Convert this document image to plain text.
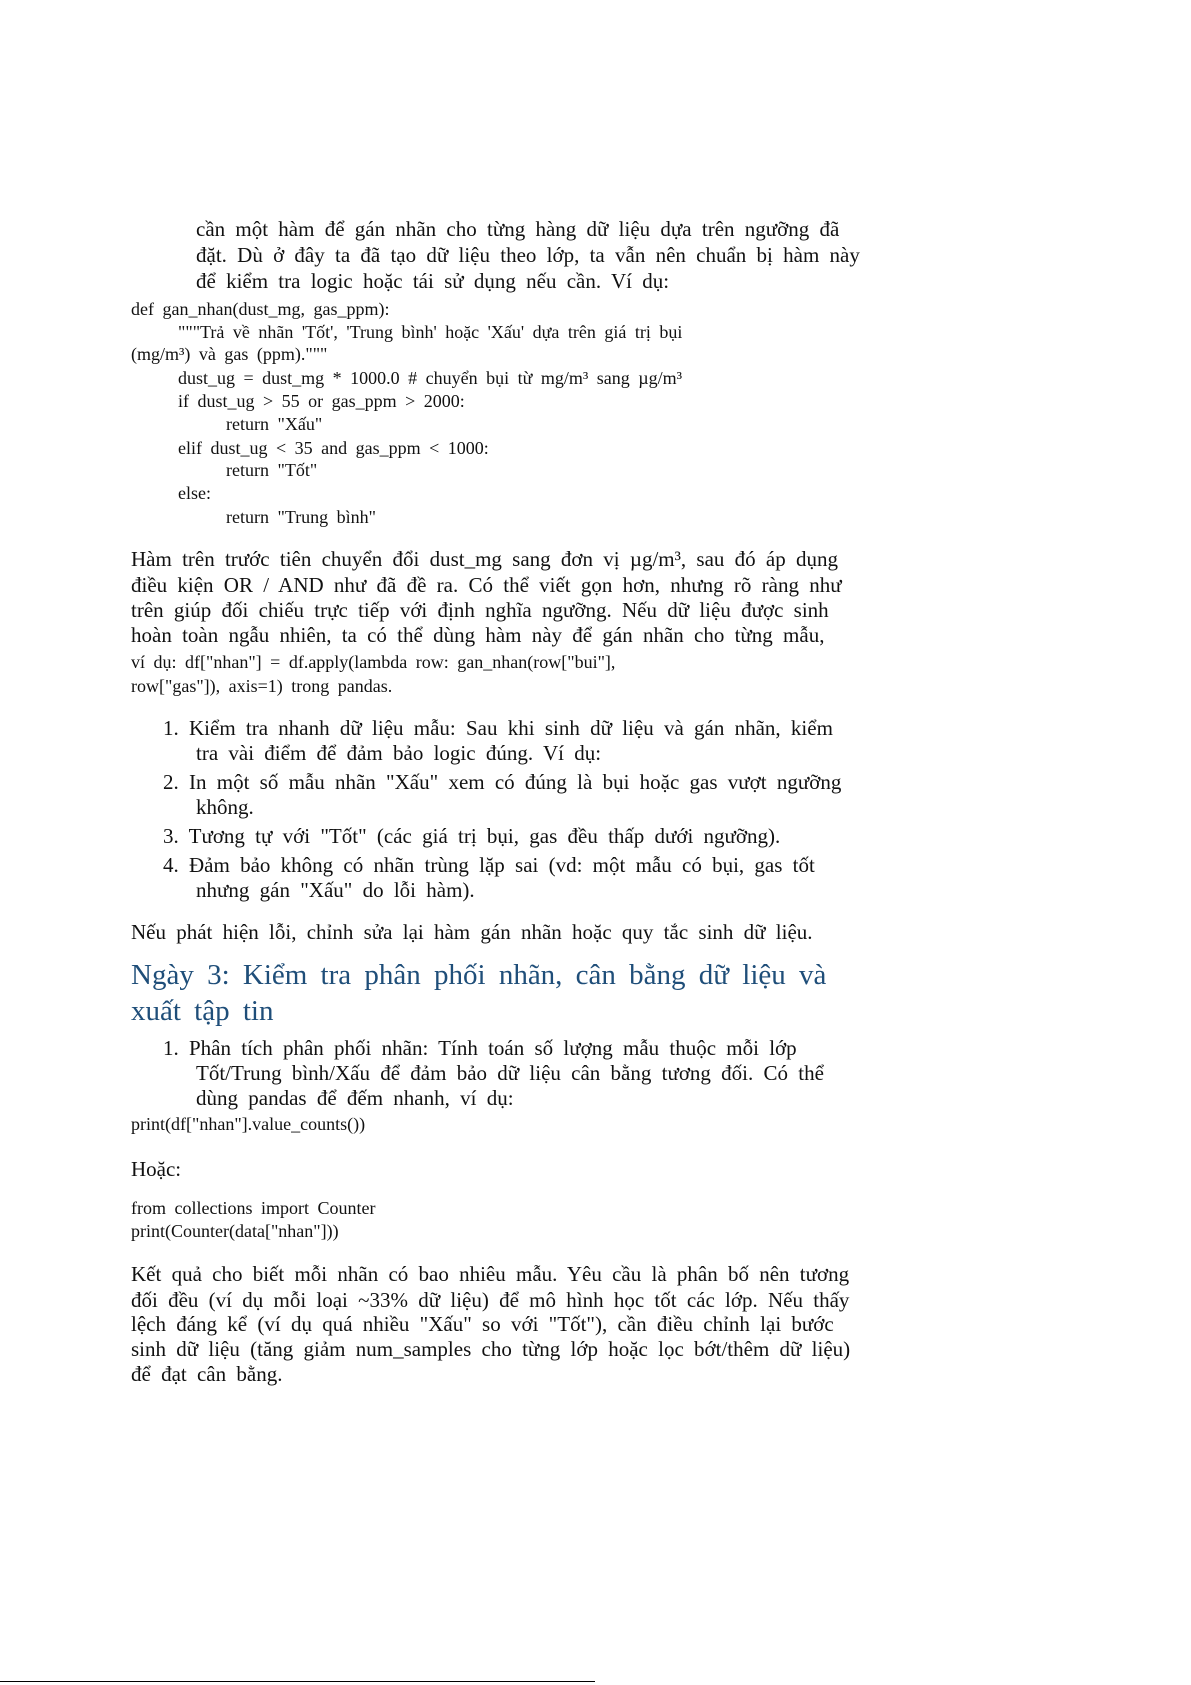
cần một hàm để gán nhãn cho từng hàng dữ liệu dựa trên ngưỡng đã
đặt. Dù ở đây ta đã tạo dữ liệu theo lớp, ta vẫn nên chuẩn bị hàm này
để kiểm tra logic hoặc tái sử dụng nếu cần. Ví dụ:
def gan_nhan(dust_mg, gas_ppm):
"""Trả về nhãn 'Tốt', 'Trung bình' hoặc 'Xấu' dựa trên giá trị bụi
(mg/m³) và gas (ppm)."""
dust_ug = dust_mg * 1000.0 # chuyển bụi từ mg/m³ sang µg/m³
if dust_ug > 55 or gas_ppm > 2000:
return "Xấu"
elif dust_ug < 35 and gas_ppm < 1000:
return "Tốt"
else:
return "Trung bình"
Hàm trên trước tiên chuyển đổi dust_mg sang đơn vị µg/m³, sau đó áp dụng
điều kiện OR / AND như đã đề ra. Có thể viết gọn hơn, nhưng rõ ràng như
trên giúp đối chiếu trực tiếp với định nghĩa ngưỡng. Nếu dữ liệu được sinh
hoàn toàn ngẫu nhiên, ta có thể dùng hàm này để gán nhãn cho từng mẫu,
ví dụ: df["nhan"] = df.apply(lambda row: gan_nhan(row["bui"],
row["gas"]), axis=1) trong pandas.
1. Kiểm tra nhanh dữ liệu mẫu: Sau khi sinh dữ liệu và gán nhãn, kiểm
tra vài điểm để đảm bảo logic đúng. Ví dụ:
2. In một số mẫu nhãn "Xấu" xem có đúng là bụi hoặc gas vượt ngưỡng
không.
3. Tương tự với "Tốt" (các giá trị bụi, gas đều thấp dưới ngưỡng).
4. Đảm bảo không có nhãn trùng lặp sai (vd: một mẫu có bụi, gas tốt
nhưng gán "Xấu" do lỗi hàm).
Nếu phát hiện lỗi, chỉnh sửa lại hàm gán nhãn hoặc quy tắc sinh dữ liệu.
Ngày 3: Kiểm tra phân phối nhãn, cân bằng dữ liệu và
xuất tập tin
1. Phân tích phân phối nhãn: Tính toán số lượng mẫu thuộc mỗi lớp
Tốt/Trung bình/Xấu để đảm bảo dữ liệu cân bằng tương đối. Có thể
dùng pandas để đếm nhanh, ví dụ:
print(df["nhan"].value_counts())
Hoặc:
from collections import Counter
print(Counter(data["nhan"]))
Kết quả cho biết mỗi nhãn có bao nhiêu mẫu. Yêu cầu là phân bố nên tương
đối đều (ví dụ mỗi loại ~33% dữ liệu) để mô hình học tốt các lớp. Nếu thấy
lệch đáng kể (ví dụ quá nhiều "Xấu" so với "Tốt"), cần điều chỉnh lại bước
sinh dữ liệu (tăng giảm num_samples cho từng lớp hoặc lọc bớt/thêm dữ liệu)
để đạt cân bằng.
